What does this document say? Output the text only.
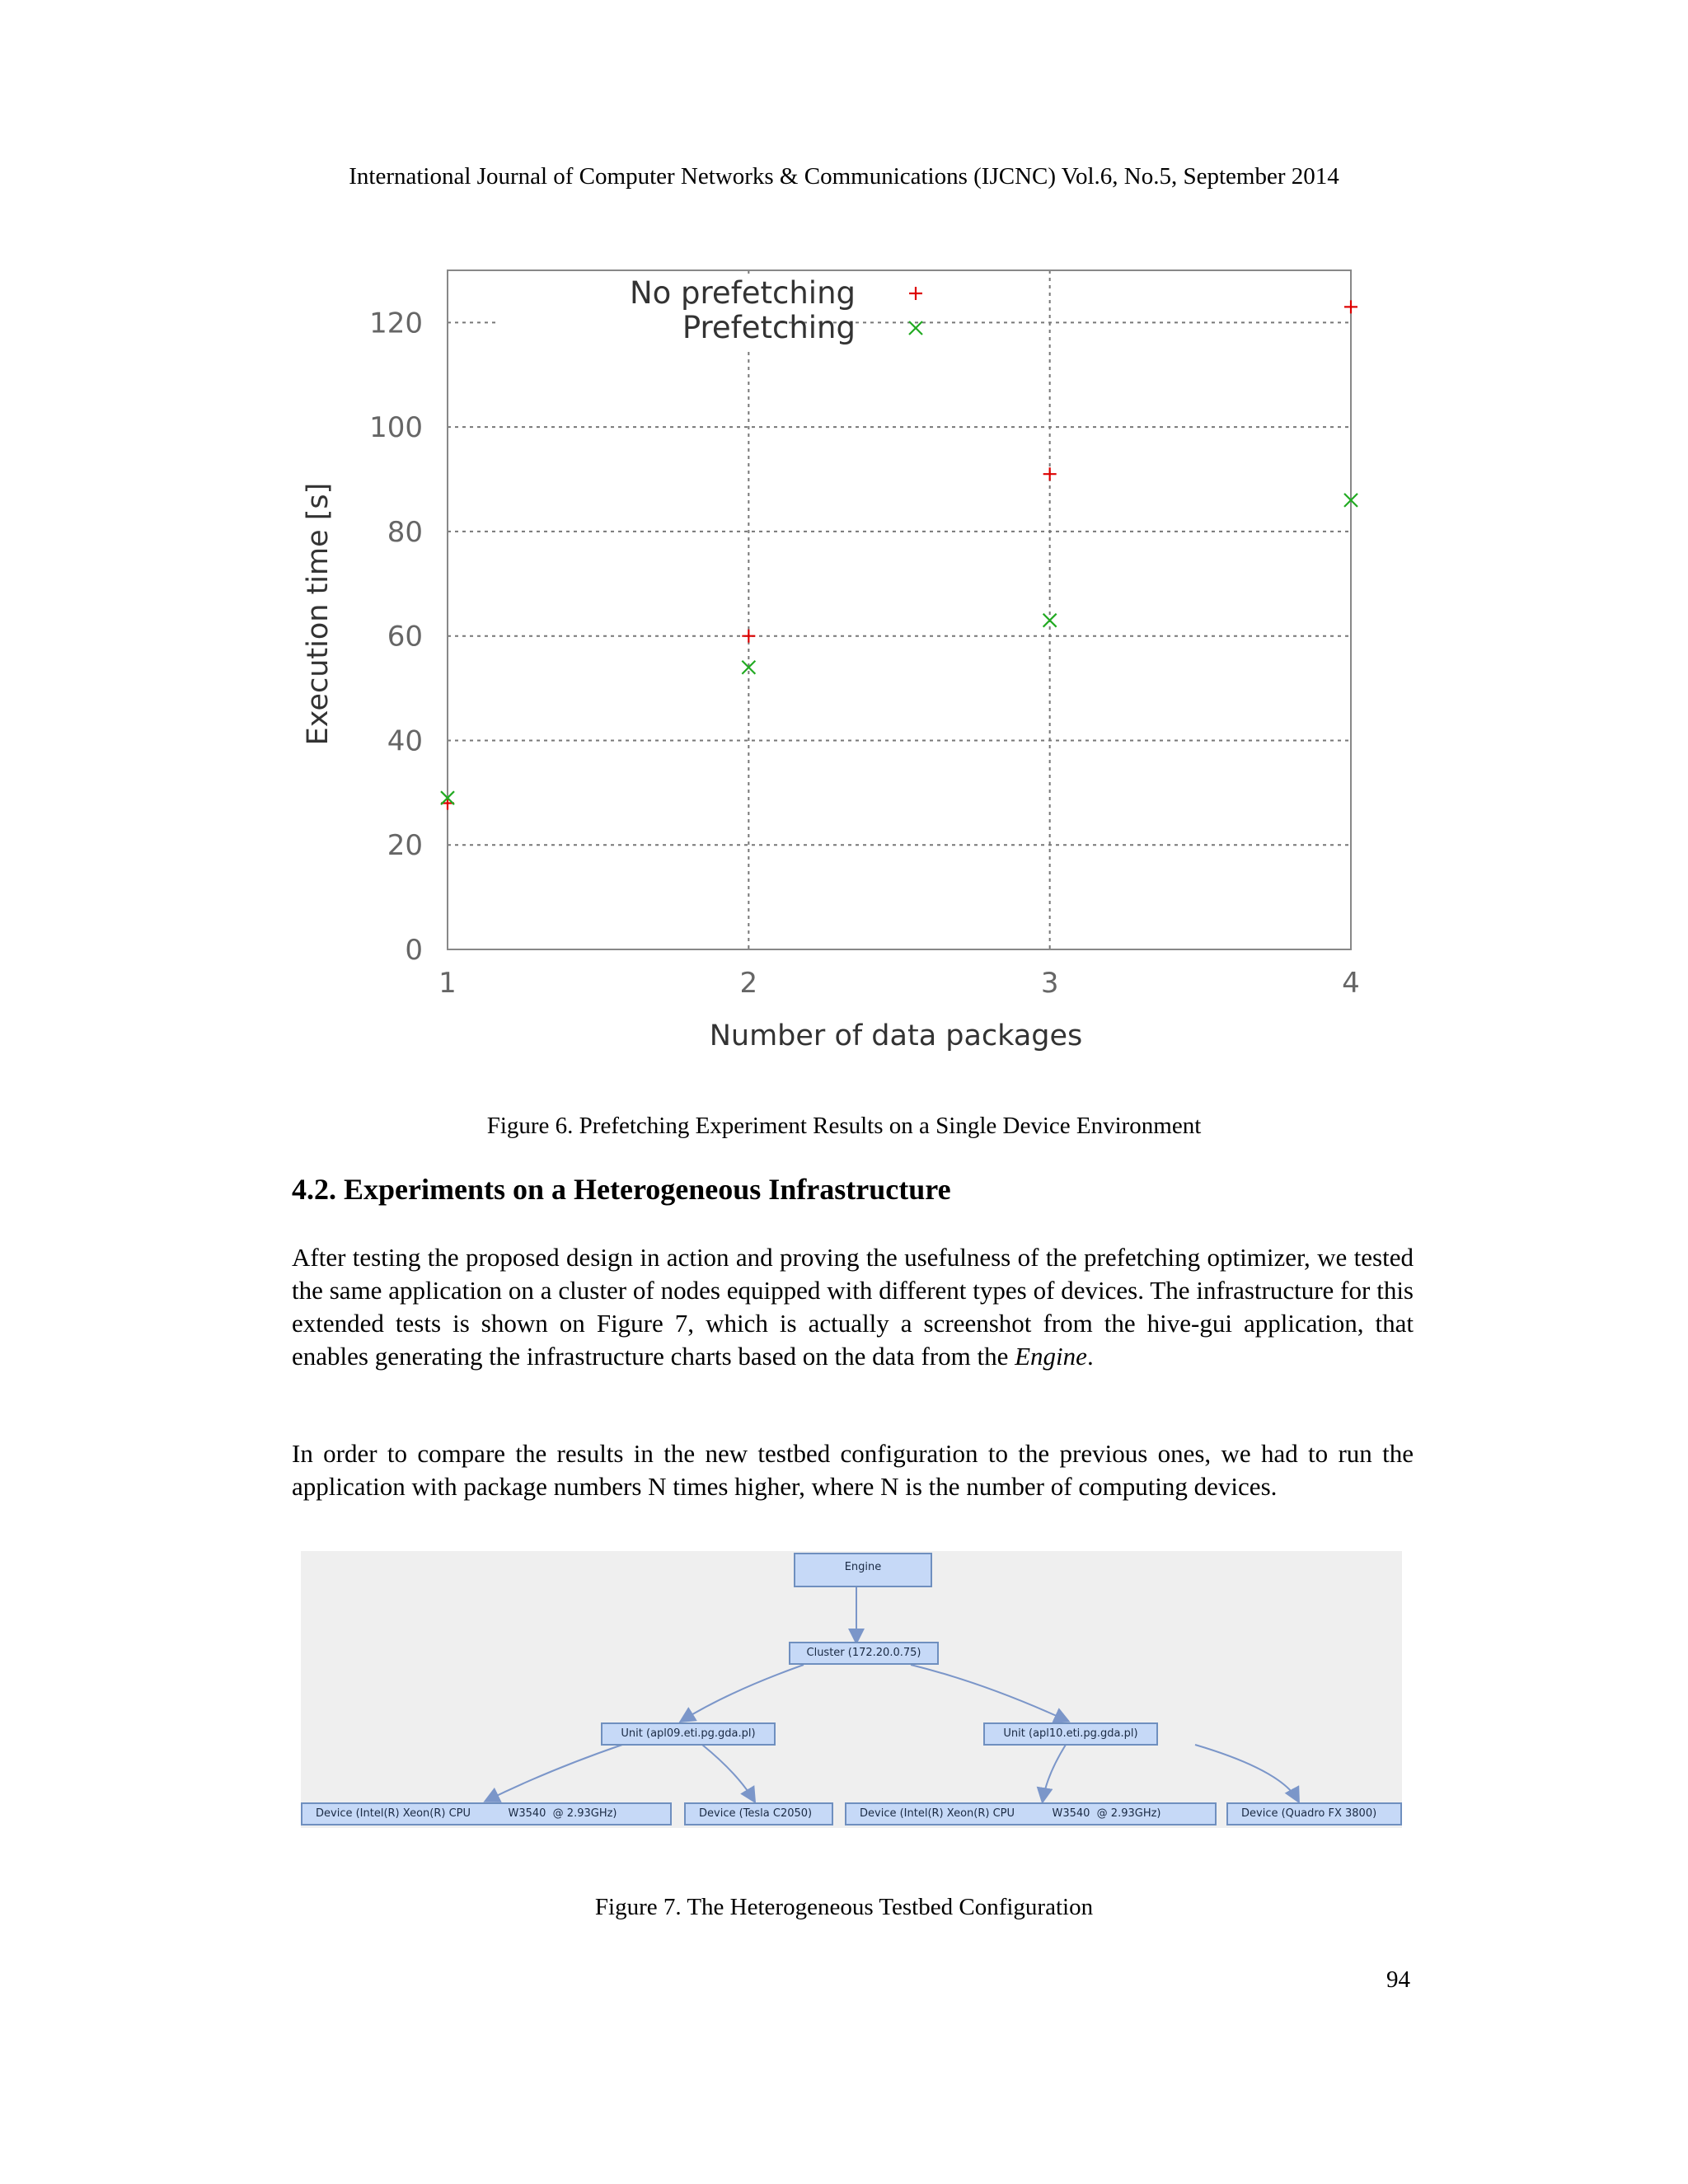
International Journal of Computer Networks & Communications (IJCNC) Vol.6, No.5, September 2014
0
20
40
60
80
100
120
1	2	3	4
No prefetching
Prefetching
Number of data packages
Execution time [s]
Figure 6. Prefetching Experiment Results on a Single Device Environment
4.2. Experiments on a Heterogeneous Infrastructure

After testing the proposed design in action and proving the usefulness of the prefetching optimizer, we tested the same application on a cluster of nodes equipped with different types of devices. The infrastructure for this extended tests is shown on Figure 7, which is actually a screenshot from the hive-gui application, that enables generating the infrastructure charts based on the data from the Engine.

In order to compare the results in the new testbed configuration to the previous ones, we had to run the application with package numbers N times higher, where N is the number of computing devices.

Engine
Cluster (172.20.0.75)
Unit (apl09.eti.pg.gda.pl)	Unit (apl10.eti.pg.gda.pl)
Device (Intel(R) Xeon(R) CPU           W3540  @ 2.93GHz)	Device (Tesla C2050)	Device (Intel(R) Xeon(R) CPU           W3540  @ 2.93GHz)	Device (Quadro FX 3800)
Figure 7. The Heterogeneous Testbed Configuration
94
